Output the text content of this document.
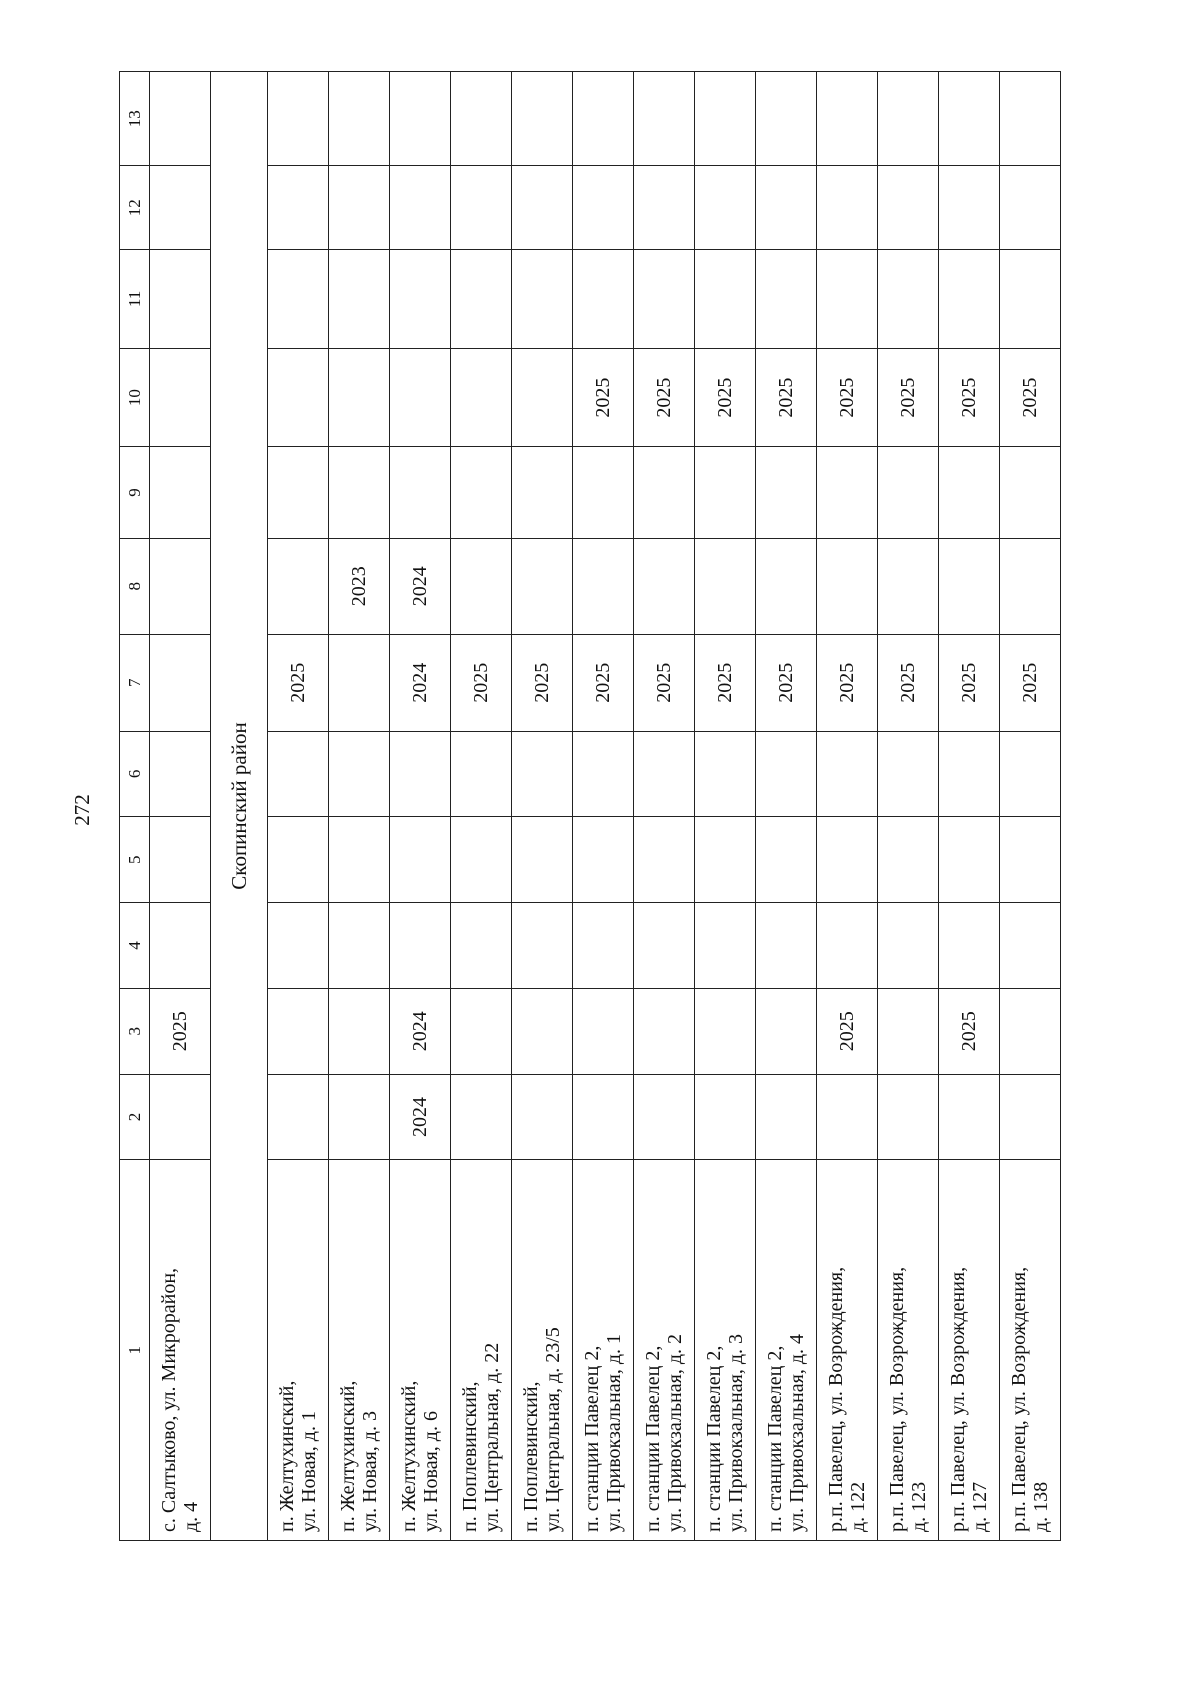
272
1	2	3	4	5	6	7	8	9	10	11	12	13

с. Салтыково, ул. Микрорайон, д. 4		2025										
Скопинский район												

п. Желтухинский, ул. Новая, д. 1						2025						

п. Желтухинский, ул. Новая, д. 3							2023					

п. Желтухинский, ул. Новая, д. 6	2024	2024				2024	2024					

п. Поплевинский, ул. Центральная, д. 22						2025						

п. Поплевинский, ул. Центральная, д. 23/5						2025						

п. станции Павелец 2, ул. Привокзальная, д. 1						2025			2025			

п. станции Павелец 2, ул. Привокзальная, д. 2						2025			2025			

п. станции Павелец 2, ул. Привокзальная, д. 3						2025			2025			

п. станции Павелец 2, ул. Привокзальная, д. 4						2025			2025			

р.п. Павелец, ул. Возрождения, д. 122		2025				2025			2025			

р.п. Павелец, ул. Возрождения, д. 123						2025			2025			

р.п. Павелец, ул. Возрождения, д. 127		2025				2025			2025			

р.п. Павелец, ул. Возрождения, д. 138						2025			2025			
